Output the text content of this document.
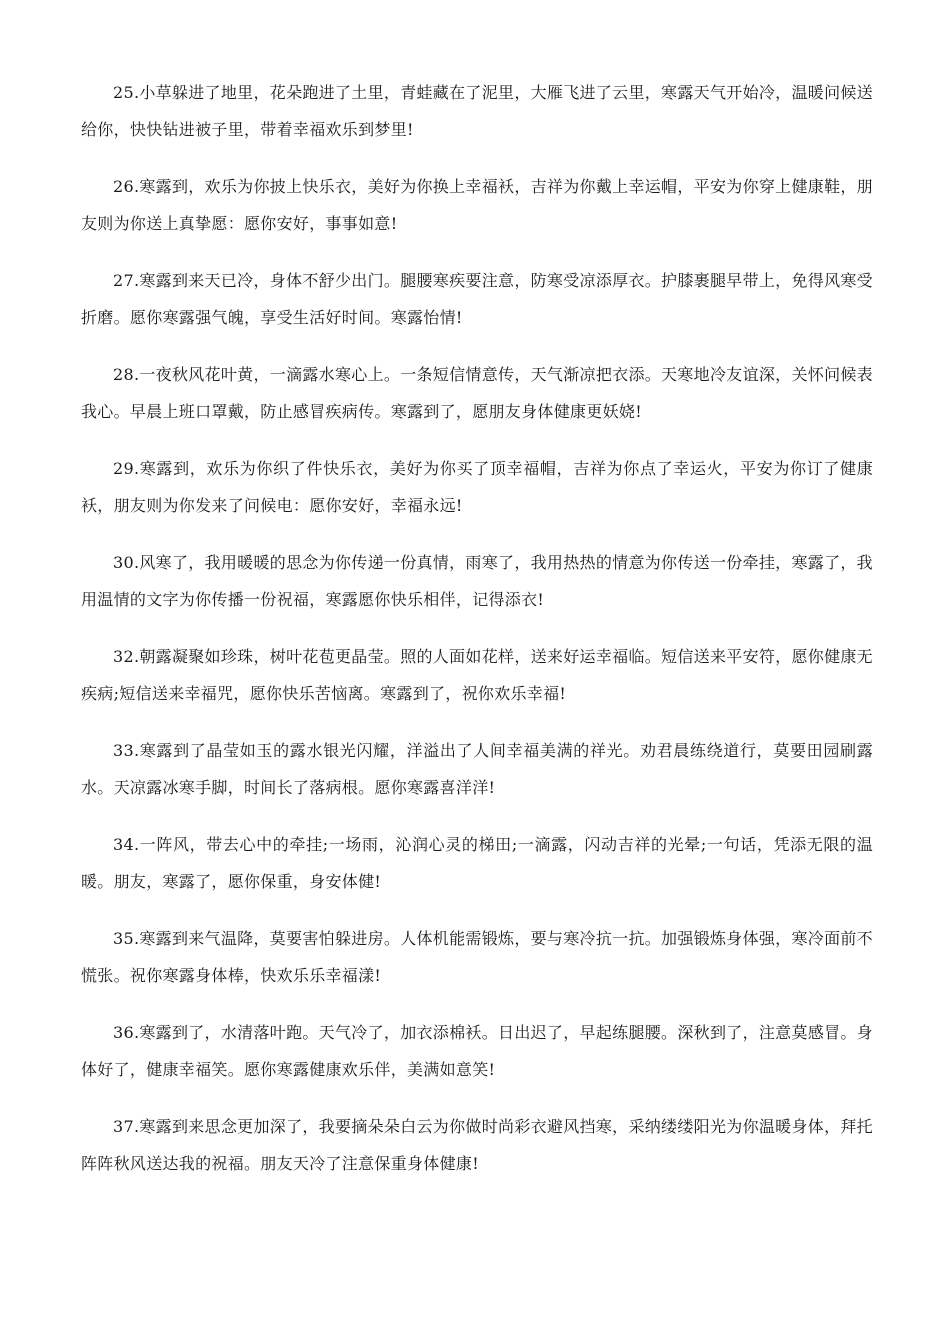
25.小草躲进了地里，花朵跑进了土里，青蛙藏在了泥里，大雁飞进了云里，寒露天气开始冷，温暖问候送给你，快快钻进被子里，带着幸福欢乐到梦里!

26.寒露到，欢乐为你披上快乐衣，美好为你换上幸福袄，吉祥为你戴上幸运帽，平安为你穿上健康鞋，朋友则为你送上真挚愿：愿你安好，事事如意!

27.寒露到来天已冷，身体不舒少出门。腿腰寒疾要注意，防寒受凉添厚衣。护膝裹腿早带上，免得风寒受折磨。愿你寒露强气魄，享受生活好时间。寒露怡情!

28.一夜秋风花叶黄，一滴露水寒心上。一条短信情意传，天气渐凉把衣添。天寒地冷友谊深，关怀问候表我心。早晨上班口罩戴，防止感冒疾病传。寒露到了，愿朋友身体健康更妖娆!

29.寒露到，欢乐为你织了件快乐衣，美好为你买了顶幸福帽，吉祥为你点了幸运火，平安为你订了健康袄，朋友则为你发来了问候电：愿你安好，幸福永远!

30.风寒了，我用暖暖的思念为你传递一份真情，雨寒了，我用热热的情意为你传送一份牵挂，寒露了，我用温情的文字为你传播一份祝福，寒露愿你快乐相伴，记得添衣!

32.朝露凝聚如珍珠，树叶花苞更晶莹。照的人面如花样，送来好运幸福临。短信送来平安符，愿你健康无疾病;短信送来幸福咒，愿你快乐苦恼离。寒露到了，祝你欢乐幸福!

33.寒露到了晶莹如玉的露水银光闪耀，洋溢出了人间幸福美满的祥光。劝君晨练绕道行，莫要田园刷露水。天凉露冰寒手脚，时间长了落病根。愿你寒露喜洋洋!

34.一阵风，带去心中的牵挂;一场雨，沁润心灵的梯田;一滴露，闪动吉祥的光晕;一句话，凭添无限的温暖。朋友，寒露了，愿你保重，身安体健!

35.寒露到来气温降，莫要害怕躲进房。人体机能需锻炼，要与寒冷抗一抗。加强锻炼身体强，寒冷面前不慌张。祝你寒露身体棒，快欢乐乐幸福漾!

36.寒露到了，水清落叶跑。天气冷了，加衣添棉袄。日出迟了，早起练腿腰。深秋到了，注意莫感冒。身体好了，健康幸福笑。愿你寒露健康欢乐伴，美满如意笑!

37.寒露到来思念更加深了，我要摘朵朵白云为你做时尚彩衣避风挡寒，采纳缕缕阳光为你温暖身体，拜托阵阵秋风送达我的祝福。朋友天冷了注意保重身体健康!
